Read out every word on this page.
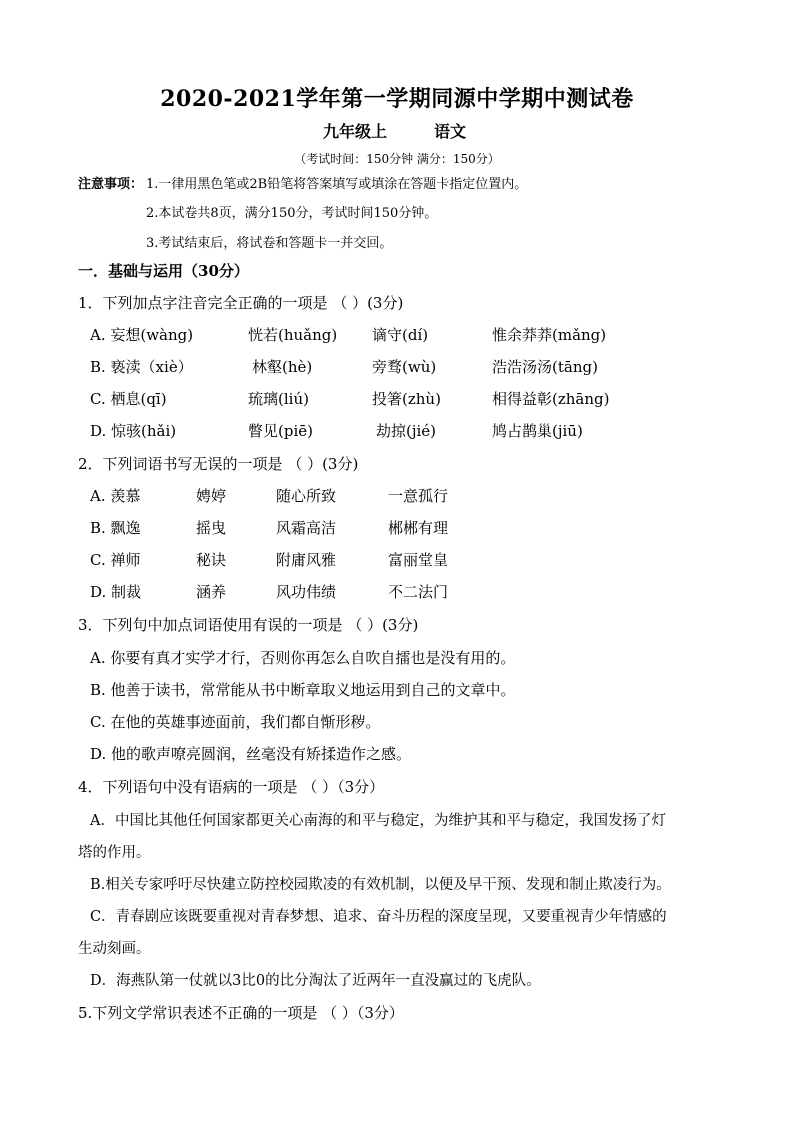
2020-2021学年第一学期同源中学期中测试卷
九年级上	语文
（考试时间：150分钟 满分：150分）
注意事项： 1.一律用黑色笔或2B铅笔将答案填写或填涂在答题卡指定位置内。
2.本试卷共8页，满分150分，考试时间150分钟。
3.考试结束后，将试卷和答题卡一并交回。
一．基础与运用（30分）
1．下列加点字注音完全正确的一项是 （ ）(3分)
A. 妄想(wàng)	恍若(huǎng) 谪守(dí)	惟余莽莽(mǎng)
B. 亵渎（xiè）	林壑(hè)	旁骛(wù)	浩浩汤汤(tāng)
C. 栖息(qī)	琉璃(liú)	投箸(zhù)	相得益彰(zhāng)
D. 惊骇(hǎi)	瞥见(piē)	劫掠(jié)	鸠占鹊巢(jiū)
2．下列词语书写无误的一项是 （ ）(3分)
A. 羡慕	娉婷	随心所致	一意孤行
B. 飘逸	摇曳	风霜高洁	郴郴有理
C. 禅师	秘诀	附庸风雅	富丽堂皇
D. 制裁	涵养	风功伟绩	不二法门
3．下列句中加点词语使用有误的一项是 （ ）(3分)
A. 你要有真才实学才行，否则你再怎么自吹自擂也是没有用的。
B. 他善于读书，常常能从书中断章取义地运用到自己的文章中。
C. 在他的英雄事迹面前，我们都自惭形秽。
D. 他的歌声嘹亮圆润，丝毫没有矫揉造作之感。
4．下列语句中没有语病的一项是 （ ）（3分）
A．中国比其他任何国家都更关心南海的和平与稳定，为维护其和平与稳定，我国发扬了灯
塔的作用。
B.相关专家呼吁尽快建立防控校园欺凌的有效机制，以便及早干预、发现和制止欺凌行为。
C．青春剧应该既要重视对青春梦想、追求、奋斗历程的深度呈现，又要重视青少年情感的
生动刻画。
D．海燕队第一仗就以3比0的比分淘汰了近两年一直没赢过的飞虎队。
5.下列文学常识表述不正确的一项是 （ ）（3分）
